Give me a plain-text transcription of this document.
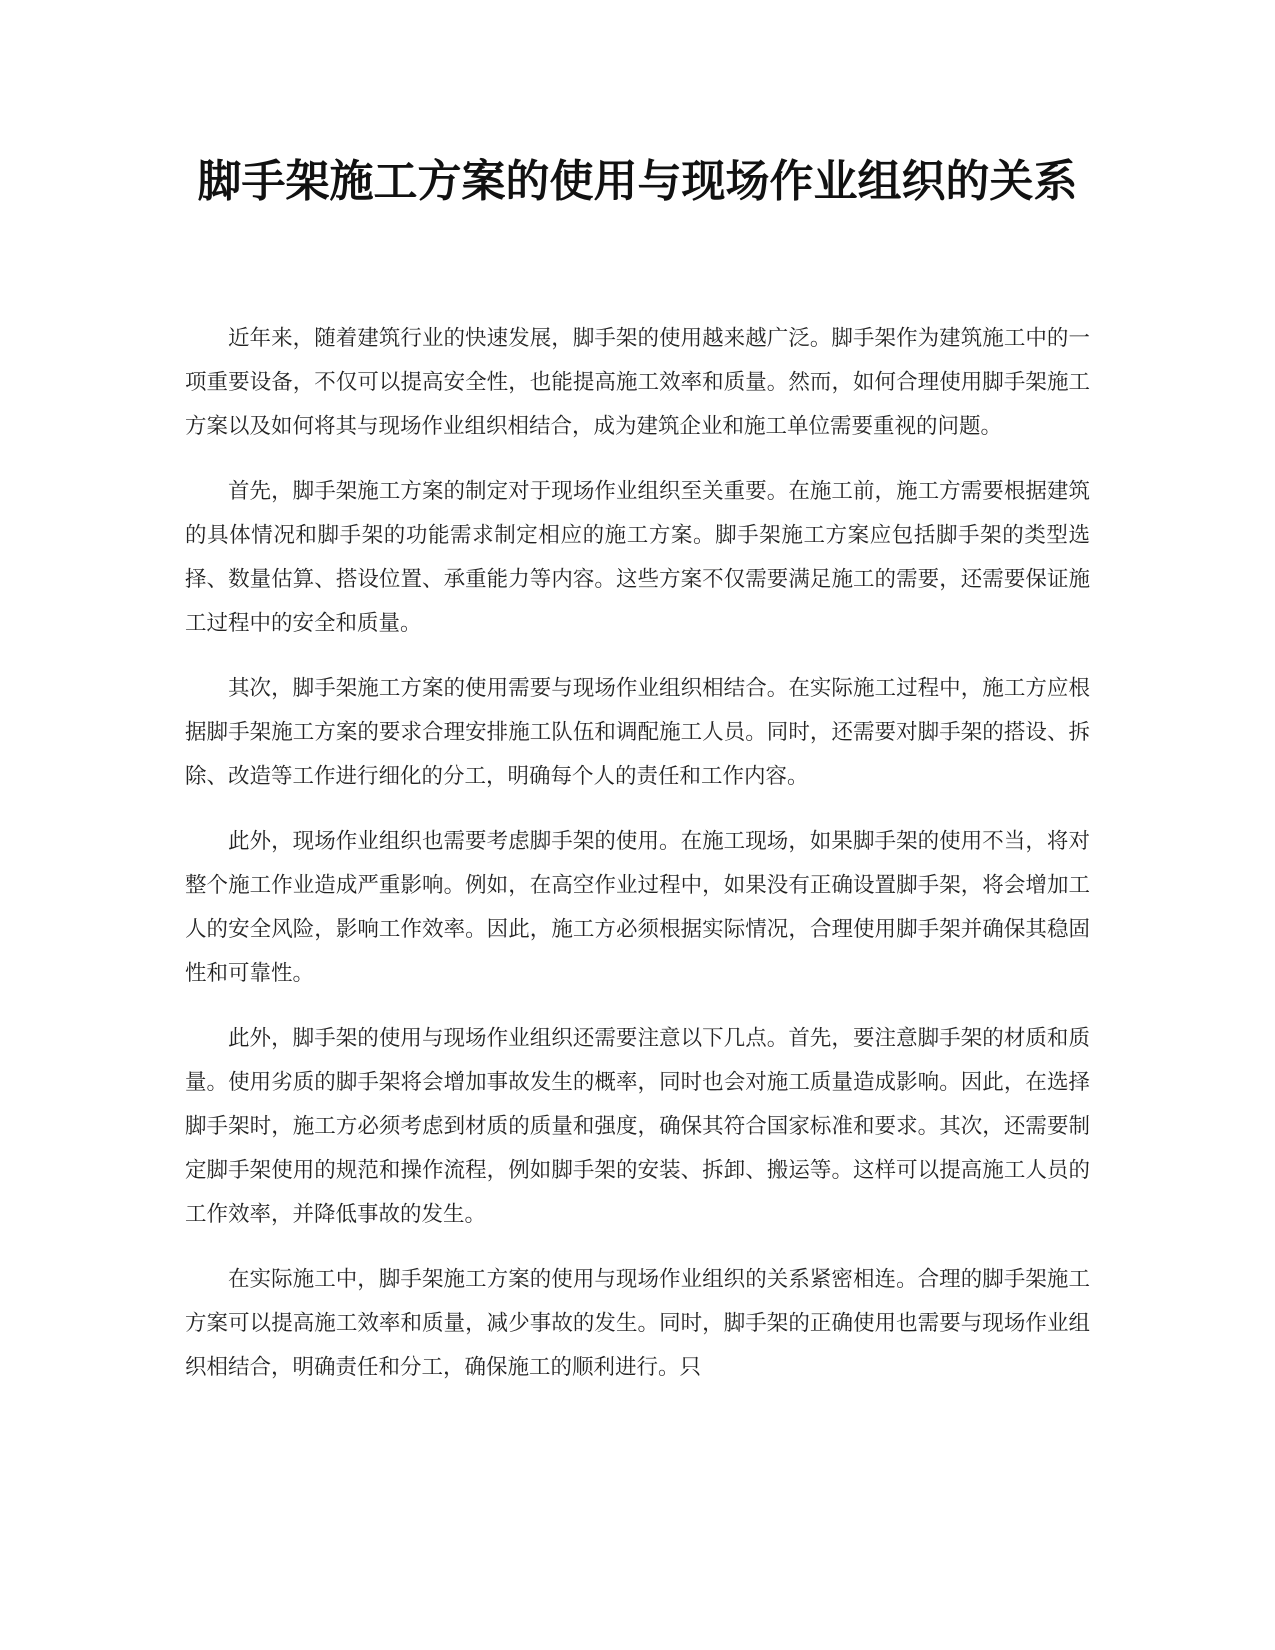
脚手架施工方案的使用与现场作业组织的关系

近年来，随着建筑行业的快速发展，脚手架的使用越来越广泛。脚手架作为建筑施工中的一项重要设备，不仅可以提高安全性，也能提高施工效率和质量。然而，如何合理使用脚手架施工方案以及如何将其与现场作业组织相结合，成为建筑企业和施工单位需要重视的问题。

首先，脚手架施工方案的制定对于现场作业组织至关重要。在施工前，施工方需要根据建筑的具体情况和脚手架的功能需求制定相应的施工方案。脚手架施工方案应包括脚手架的类型选择、数量估算、搭设位置、承重能力等内容。这些方案不仅需要满足施工的需要，还需要保证施工过程中的安全和质量。

其次，脚手架施工方案的使用需要与现场作业组织相结合。在实际施工过程中，施工方应根据脚手架施工方案的要求合理安排施工队伍和调配施工人员。同时，还需要对脚手架的搭设、拆除、改造等工作进行细化的分工，明确每个人的责任和工作内容。

此外，现场作业组织也需要考虑脚手架的使用。在施工现场，如果脚手架的使用不当，将对整个施工作业造成严重影响。例如，在高空作业过程中，如果没有正确设置脚手架，将会增加工人的安全风险，影响工作效率。因此，施工方必须根据实际情况，合理使用脚手架并确保其稳固性和可靠性。

此外，脚手架的使用与现场作业组织还需要注意以下几点。首先，要注意脚手架的材质和质量。使用劣质的脚手架将会增加事故发生的概率，同时也会对施工质量造成影响。因此，在选择脚手架时，施工方必须考虑到材质的质量和强度，确保其符合国家标准和要求。其次，还需要制定脚手架使用的规范和操作流程，例如脚手架的安装、拆卸、搬运等。这样可以提高施工人员的工作效率，并降低事故的发生。

在实际施工中，脚手架施工方案的使用与现场作业组织的关系紧密相连。合理的脚手架施工方案可以提高施工效率和质量，减少事故的发生。同时，脚手架的正确使用也需要与现场作业组织相结合，明确责任和分工，确保施工的顺利进行。只
